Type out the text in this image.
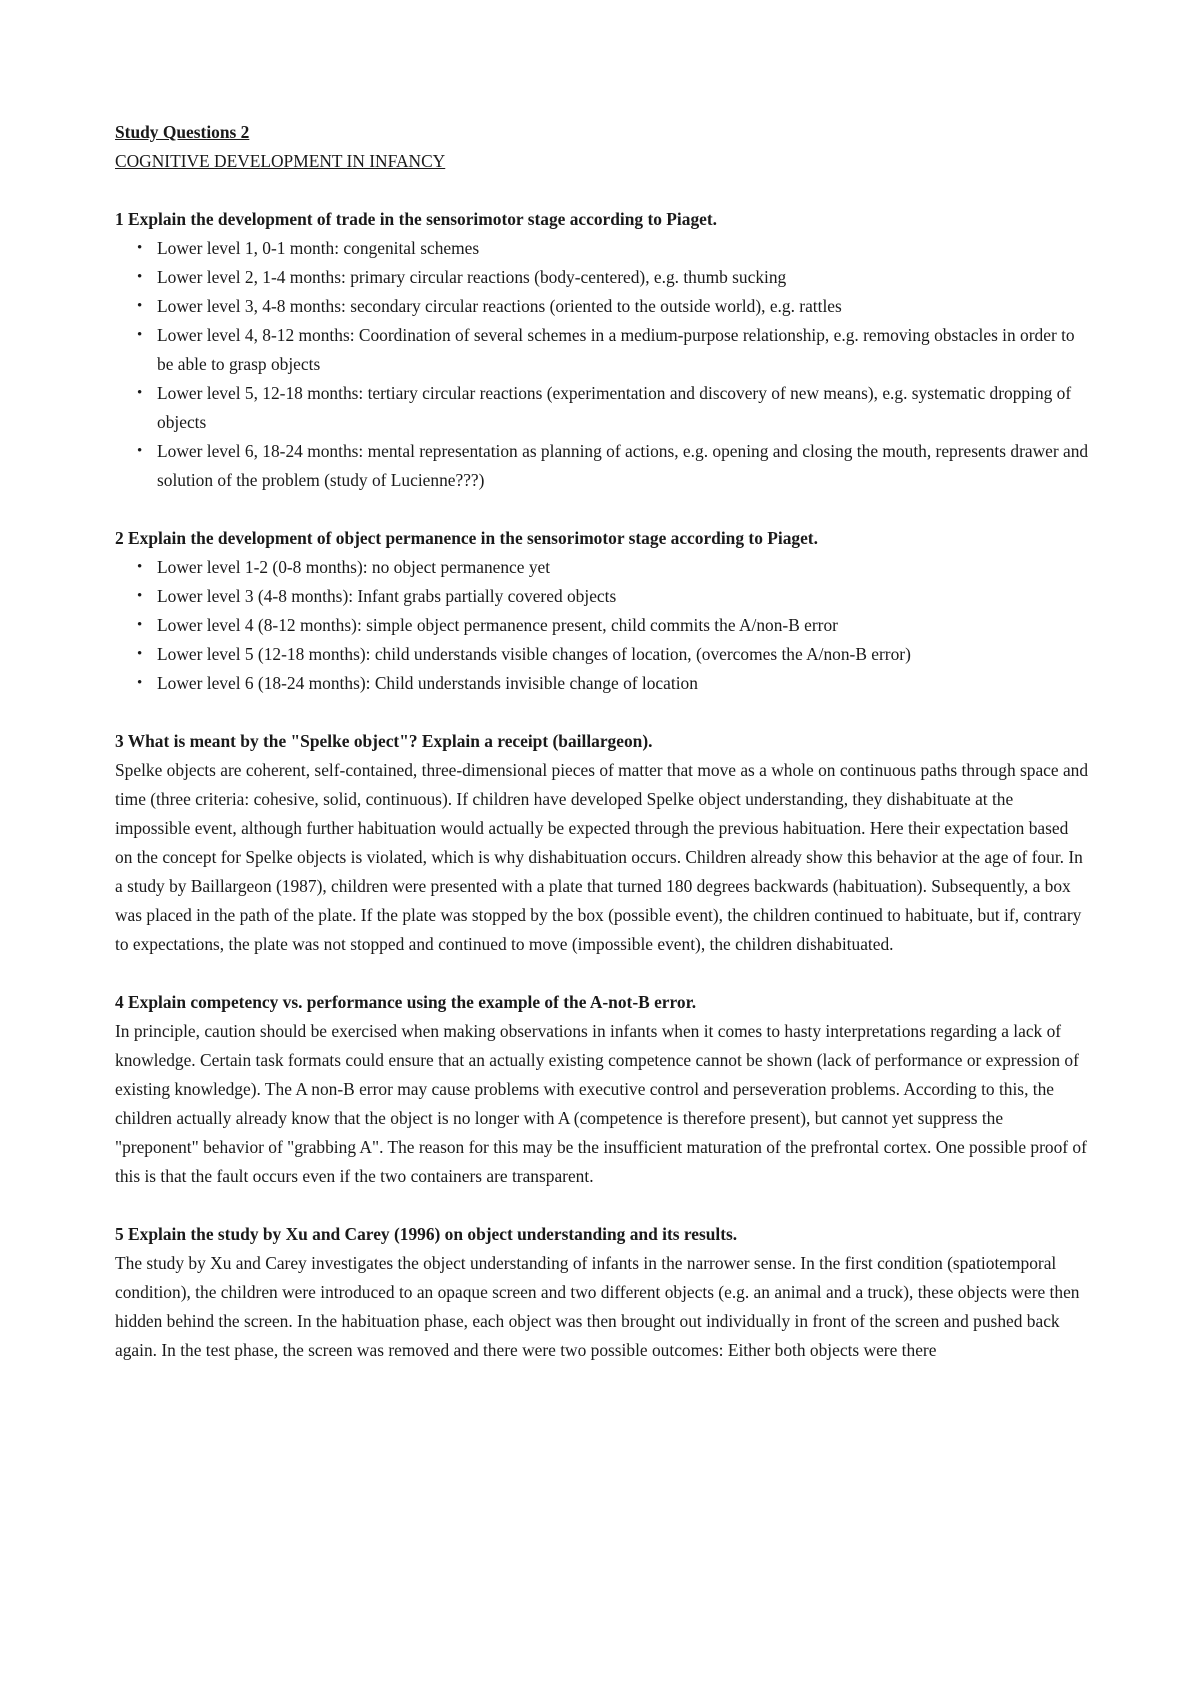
Study Questions 2
COGNITIVE DEVELOPMENT IN INFANCY
1 Explain the development of trade in the sensorimotor stage according to Piaget.
• Lower level 1, 0-1 month: congenital schemes
• Lower level 2, 1-4 months: primary circular reactions (body-centered), e.g. thumb sucking
• Lower level 3, 4-8 months: secondary circular reactions (oriented to the outside world), e.g. rattles
• Lower level 4, 8-12 months: Coordination of several schemes in a medium-purpose relationship, e.g. removing obstacles in order to be able to grasp objects
• Lower level 5, 12-18 months: tertiary circular reactions (experimentation and discovery of new means), e.g. systematic dropping of objects
• Lower level 6, 18-24 months: mental representation as planning of actions, e.g. opening and closing the mouth, represents drawer and solution of the problem (study of Lucienne???)
2 Explain the development of object permanence in the sensorimotor stage according to Piaget.
• Lower level 1-2 (0-8 months): no object permanence yet
• Lower level 3 (4-8 months): Infant grabs partially covered objects
• Lower level 4 (8-12 months): simple object permanence present, child commits the A/non-B error
• Lower level 5 (12-18 months): child understands visible changes of location, (overcomes the A/non-B error)
• Lower level 6 (18-24 months): Child understands invisible change of location
3 What is meant by the "Spelke object"? Explain a receipt (baillargeon).

Spelke objects are coherent, self-contained, three-dimensional pieces of matter that move as a whole on continuous paths through space and time (three criteria: cohesive, solid, continuous). If children have developed Spelke object understanding, they dishabituate at the impossible event, although further habituation would actually be expected through the previous habituation. Here their expectation based on the concept for Spelke objects is violated, which is why dishabituation occurs. Children already show this behavior at the age of four. In a study by Baillargeon (1987), children were presented with a plate that turned 180 degrees backwards (habituation). Subsequently, a box was placed in the path of the plate. If the plate was stopped by the box (possible event), the children continued to habituate, but if, contrary to expectations, the plate was not stopped and continued to move (impossible event), the children dishabituated.

4 Explain competency vs. performance using the example of the A-not-B error.

In principle, caution should be exercised when making observations in infants when it comes to hasty interpretations regarding a lack of knowledge. Certain task formats could ensure that an actually existing competence cannot be shown (lack of performance or expression of existing knowledge). The A non-B error may cause problems with executive control and perseveration problems. According to this, the children actually already know that the object is no longer with A (competence is therefore present), but cannot yet suppress the "preponent" behavior of "grabbing A". The reason for this may be the insufficient maturation of the prefrontal cortex. One possible proof of this is that the fault occurs even if the two containers are transparent.

5 Explain the study by Xu and Carey (1996) on object understanding and its results.

The study by Xu and Carey investigates the object understanding of infants in the narrower sense. In the first condition (spatiotemporal condition), the children were introduced to an opaque screen and two different objects (e.g. an animal and a truck), these objects were then hidden behind the screen. In the habituation phase, each object was then brought out individually in front of the screen and pushed back again. In the test phase, the screen was removed and there were two possible outcomes: Either both objects were there
